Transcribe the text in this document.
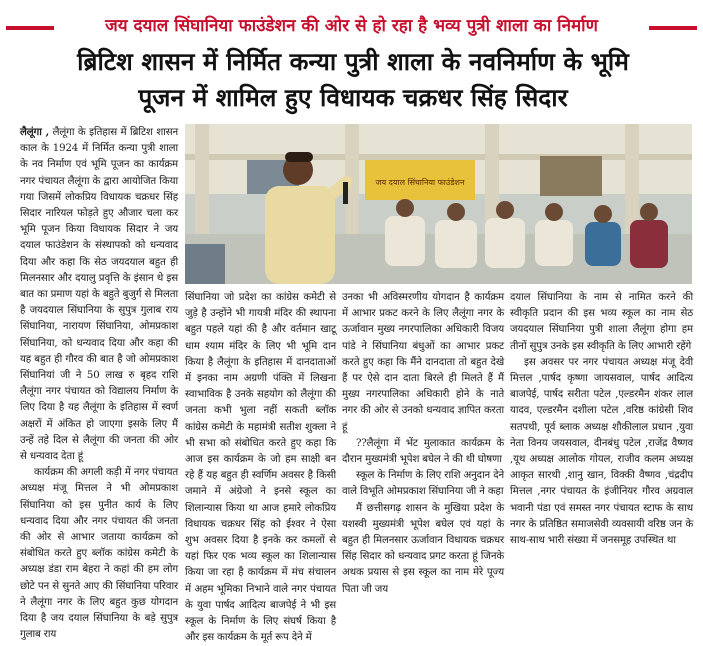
जय दयाल सिंघानिया फाउंडेशन की ओर से हो रहा है भव्य पुत्री शाला का निर्माण
ब्रिटिश शासन में निर्मित कन्या पुत्री शाला के नवनिर्माण के भूमि
पूजन में शामिल हुए विधायक चक्रधर सिंह सिदार
जय दयाल सिंघानिया फाउंडेशन

लैलूंगा , लैलूंगा के इतिहास में ब्रिटिश शासन काल के 1924 में निर्मित कन्या पुत्री शाला के नव निर्माण एवं भूमि पूजन का कार्यक्रम नगर पंचायत लैलूंगा के द्वारा आयोजित किया गया जिसमें लोकप्रिय विधायक चक्रधर सिंह सिदार नारियल फोड़ते हुए औजार चला कर भूमि पूजन किया विधायक सिदार ने जय दयाल फाउंडेशन के संस्थापको को धन्यवाद दिया और कहा कि सेठ जयदयाल बहुत ही मिलनसार और दयालु प्रवृत्ति के इंसान थे इस बात का प्रमाण यहां के बहुते बुजुर्ग से मिलता है जयदयाल सिंघानिया के सुपुत्र गुलाब राय सिंघानिया, नारायण सिंघानिया, ओमप्रकाश सिंघानिया, को धन्यवाद दिया और कहा की यह बहुत ही गौरव की बात है जो ओमप्रकाश सिंघानियां जी ने 50 लाख रु बृहद राशि लैलूंगा नगर पंचायत को विद्यालय निर्माण के लिए दिया है यह लैलूंगा के इतिहास में स्वर्ण अक्षरों में अंकित हो जाएगा इसके लिए मैं उन्हें तहे दिल से लैलूंगा की जनता की ओर से धन्यवाद देता हूं

कार्यक्रम की अगली कड़ी में नगर पंचायत अध्यक्ष मंजू मित्तल ने भी ओमप्रकाश सिंघानिया को इस पुनीत कार्य के लिए धन्यवाद दिया और नगर पंचायत की जनता की ओर से आभार जताया कार्यक्रम को संबोधित करते हुए ब्लॉक कांग्रेस कमेटी के अध्यक्ष डंडा राम बेहरा ने कहां की हम लोग छोटे पन से सुनते आए की सिंघानिया परिवार ने लैलूंगा नगर के लिए बहुत कुछ योगदान दिया है जय दयाल सिंघानिया के बड़े सुपुत्र गुलाब राय

सिंघानिया जो प्रदेश का कांग्रेस कमेटी से जुड़े है उन्होंने भी गायत्री मंदिर की स्थापना बहुत पहले यहां की है और वर्तमान खाटू धाम श्याम मंदिर के लिए भी भूमि दान किया है लैलूंगा के इतिहास में दानदाताओं में इनका नाम अग्रणी पंक्ति में लिखना स्वाभाविक है उनके सहयोग को लैलूंगा की जनता कभी भुला नहीं सकती ब्लॉक कांग्रेस कमेटी के महामंत्री सतीश शुक्ला ने भी सभा को संबोधित करते हुए कहा कि आज इस कार्यक्रम के जो हम साक्षी बन रहे हैं यह बहुत ही स्वर्णिम अवसर है किसी जमाने में अंग्रेजो ने इनसे स्कूल का शिलान्यास किया था आज हमारे लोकप्रिय विधायक चक्रधर सिंह को ईश्वर ने ऐसा शुभ अवसर दिया है इनके कर कमलों से यहां फिर एक भव्य स्कूल का शिलान्यास किया जा रहा है कार्यक्रम में मंच संचालन में अहम भूमिका निभाने वाले नगर पंचायत के युवा पार्षद आदित्य बाजपेई ने भी इस स्कूल के निर्माण के लिए संघर्ष किया है और इस कार्यक्रम के मूर्त रूप देने में

उनका भी अविस्मरणीय योगदान है कार्यक्रम में आभार प्रकट करने के लिए लैलूंगा नगर के ऊर्जावान मुख्य नगरपालिका अधिकारी विजय पांडे ने सिंघानिया बंधुओं का आभार प्रकट करते हुए कहा कि मैंने दानदाता तो बहुत देखे हैं पर ऐसे दान दाता बिरले ही मिलते हैं मैं मुख्य नगरपालिका अधिकारी होने के नाते नगर की ओर से उनको धन्यवाद ज्ञापित करता हूं

??लैलूंगा में भेंट मुलाकात कार्यक्रम के दौरान मुख्यमंत्री भूपेश बघेल ने की थी घोषणा

स्कूल के निर्माण के लिए राशि अनुदान देने वाले विभूति ओमप्रकाश सिंघानिया जी ने कहा

मैं छत्तीसगढ़ शासन के मुखिया प्रदेश के यशस्वी मुख्यमंत्री भूपेश बघेल एवं यहां के बहुत ही मिलनसार ऊर्जावान विधायक चक्रधर सिंह सिदार को धन्यवाद प्रगट करता हूं जिनके अथक प्रयास से इस स्कूल का नाम मेरे पूज्य पिता जी जय

दयाल सिंघानिया के नाम से नामित करने की स्वीकृति प्रदान की इस भव्य स्कूल का नाम सेठ जयदयाल सिंघानिया पुत्री शाला लैलूंगा होगा हम तीनों सुपुत्र उनके इस स्वीकृति के लिए आभारी रहेंगे

इस अवसर पर नगर पंचायत अध्यक्ष मंजू देवी मित्तल ,पार्षद कृष्णा जायसवाल, पार्षद आदित्य बाजपेई, पार्षद सरीता पटेल ,एल्डरमैन शंकर लाल यादव, एल्डरमैन दशीला पटेल ,वरिष्ठ कांग्रेसी शिव सतपथी, पूर्व ब्लाक अध्यक्ष शौकीलाल प्रधान ,युवा नेता विनय जयसवाल, दीनबंधु पटेल ,राजेंद्र वैष्णव ,यूथ अध्यक्ष आलोक गोयल, राजीव कलम अध्यक्ष आकृत सारथी ,शानु खान, विक्की वैष्णव ,चंद्रदीप मित्तल ,नगर पंचायत के इंजीनियर गौरव अग्रवाल भवानी पंडा एवं समस्त नगर पंचायत स्टाफ के साथ नगर के प्रतिष्ठित समाजसेवी व्यवसायी वरिष्ठ जन के साथ-साथ भारी संख्या में जनसमूह उपस्थित था
